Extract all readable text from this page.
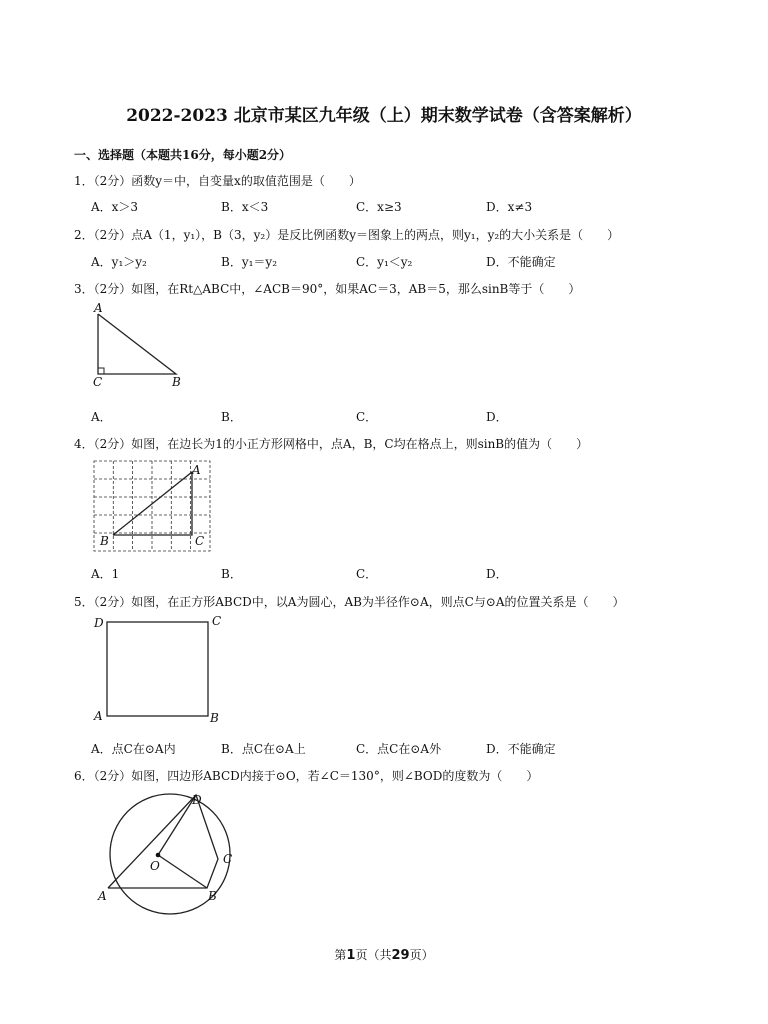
2022-2023 北京市某区九年级（上）期末数学试卷（含答案解析）
一、选择题（本题共16分，每小题2分）
1．（2分）函数y＝中，自变量x的取值范围是（　　）
A．x＞3	B．x＜3	C．x≥3	D．x≠3
2．（2分）点A（1，y₁），B（3，y₂）是反比例函数y＝图象上的两点，则y₁，y₂的大小关系是（　　）
A．y₁＞y₂	B．y₁＝y₂	C．y₁＜y₂	D．不能确定
3．（2分）如图，在Rt△ABC中，∠ACB＝90°，如果AC＝3，AB＝5，那么sinB等于（　　）
A
B
C
A．	B．	C．	D．
4．（2分）如图，在边长为1的小正方形网格中，点A，B，C均在格点上，则sinB的值为（　　）
A
B	C
A．1	B．	C．	D．
5．（2分）如图，在正方形ABCD中，以A为圆心，AB为半径作⊙A，则点C与⊙A的位置关系是（　　）
A	B
C
D
A．点C在⊙A内	B．点C在⊙A上	C．点C在⊙A外	D．不能确定
6．（2分）如图，四边形ABCD内接于⊙O，若∠C＝130°，则∠BOD的度数为（　　）
A	B
C
D
O
第1页（共29页）
